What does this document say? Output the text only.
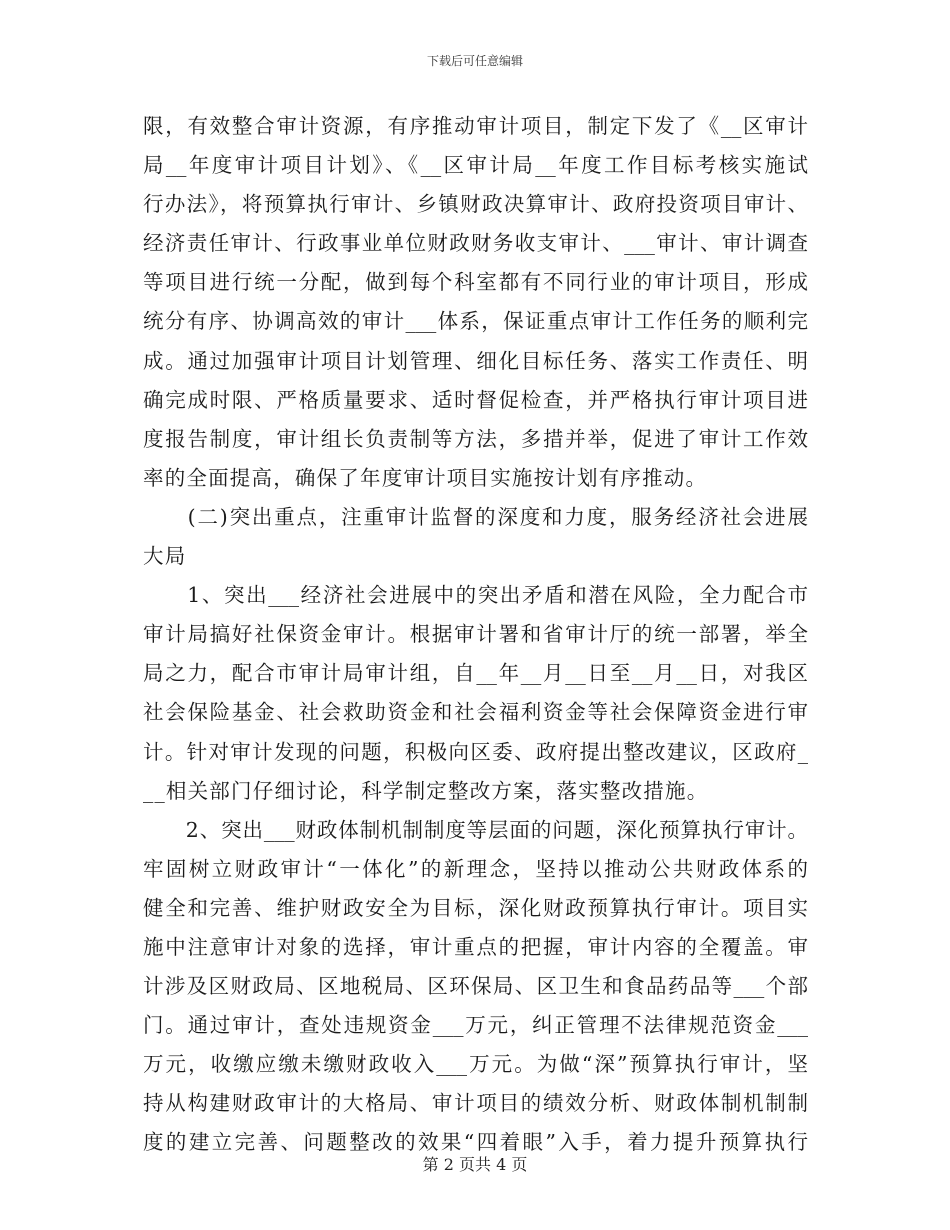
下载后可任意编辑
限，有效整合审计资源，有序推动审计项目，制定下发了《__区审计
局__年度审计项目计划》、《__区审计局__年度工作目标考核实施试
行办法》，将预算执行审计、乡镇财政决算审计、政府投资项目审计、
经济责任审计、行政事业单位财政财务收支审计、___审计、审计调查
等项目进行统一分配，做到每个科室都有不同行业的审计项目，形成
统分有序、协调高效的审计___体系，保证重点审计工作任务的顺利完
成。通过加强审计项目计划管理、细化目标任务、落实工作责任、明
确完成时限、严格质量要求、适时督促检查，并严格执行审计项目进
度报告制度，审计组长负责制等方法，多措并举，促进了审计工作效
率的全面提高，确保了年度审计项目实施按计划有序推动。
　　(二)突出重点，注重审计监督的深度和力度，服务经济社会进展
大局
　　1、突出___经济社会进展中的突出矛盾和潜在风险，全力配合市
审计局搞好社保资金审计。根据审计署和省审计厅的统一部署，举全
局之力，配合市审计局审计组，自__年__月__日至__月__日，对我区
社会保险基金、社会救助资金和社会福利资金等社会保障资金进行审
计。针对审计发现的问题，积极向区委、政府提出整改建议，区政府_
__相关部门仔细讨论，科学制定整改方案，落实整改措施。
　　2、突出___财政体制机制制度等层面的问题，深化预算执行审计。
牢固树立财政审计“一体化”的新理念，坚持以推动公共财政体系的
健全和完善、维护财政安全为目标，深化财政预算执行审计。项目实
施中注意审计对象的选择，审计重点的把握，审计内容的全覆盖。审
计涉及区财政局、区地税局、区环保局、区卫生和食品药品等___个部
门。通过审计，查处违规资金___万元，纠正管理不法律规范资金___
万元，收缴应缴未缴财政收入___万元。为做“深”预算执行审计，坚
持从构建财政审计的大格局、审计项目的绩效分析、财政体制机制制
度的建立完善、问题整改的效果“四着眼”入手，着力提升预算执行
第 2 页共 4 页
